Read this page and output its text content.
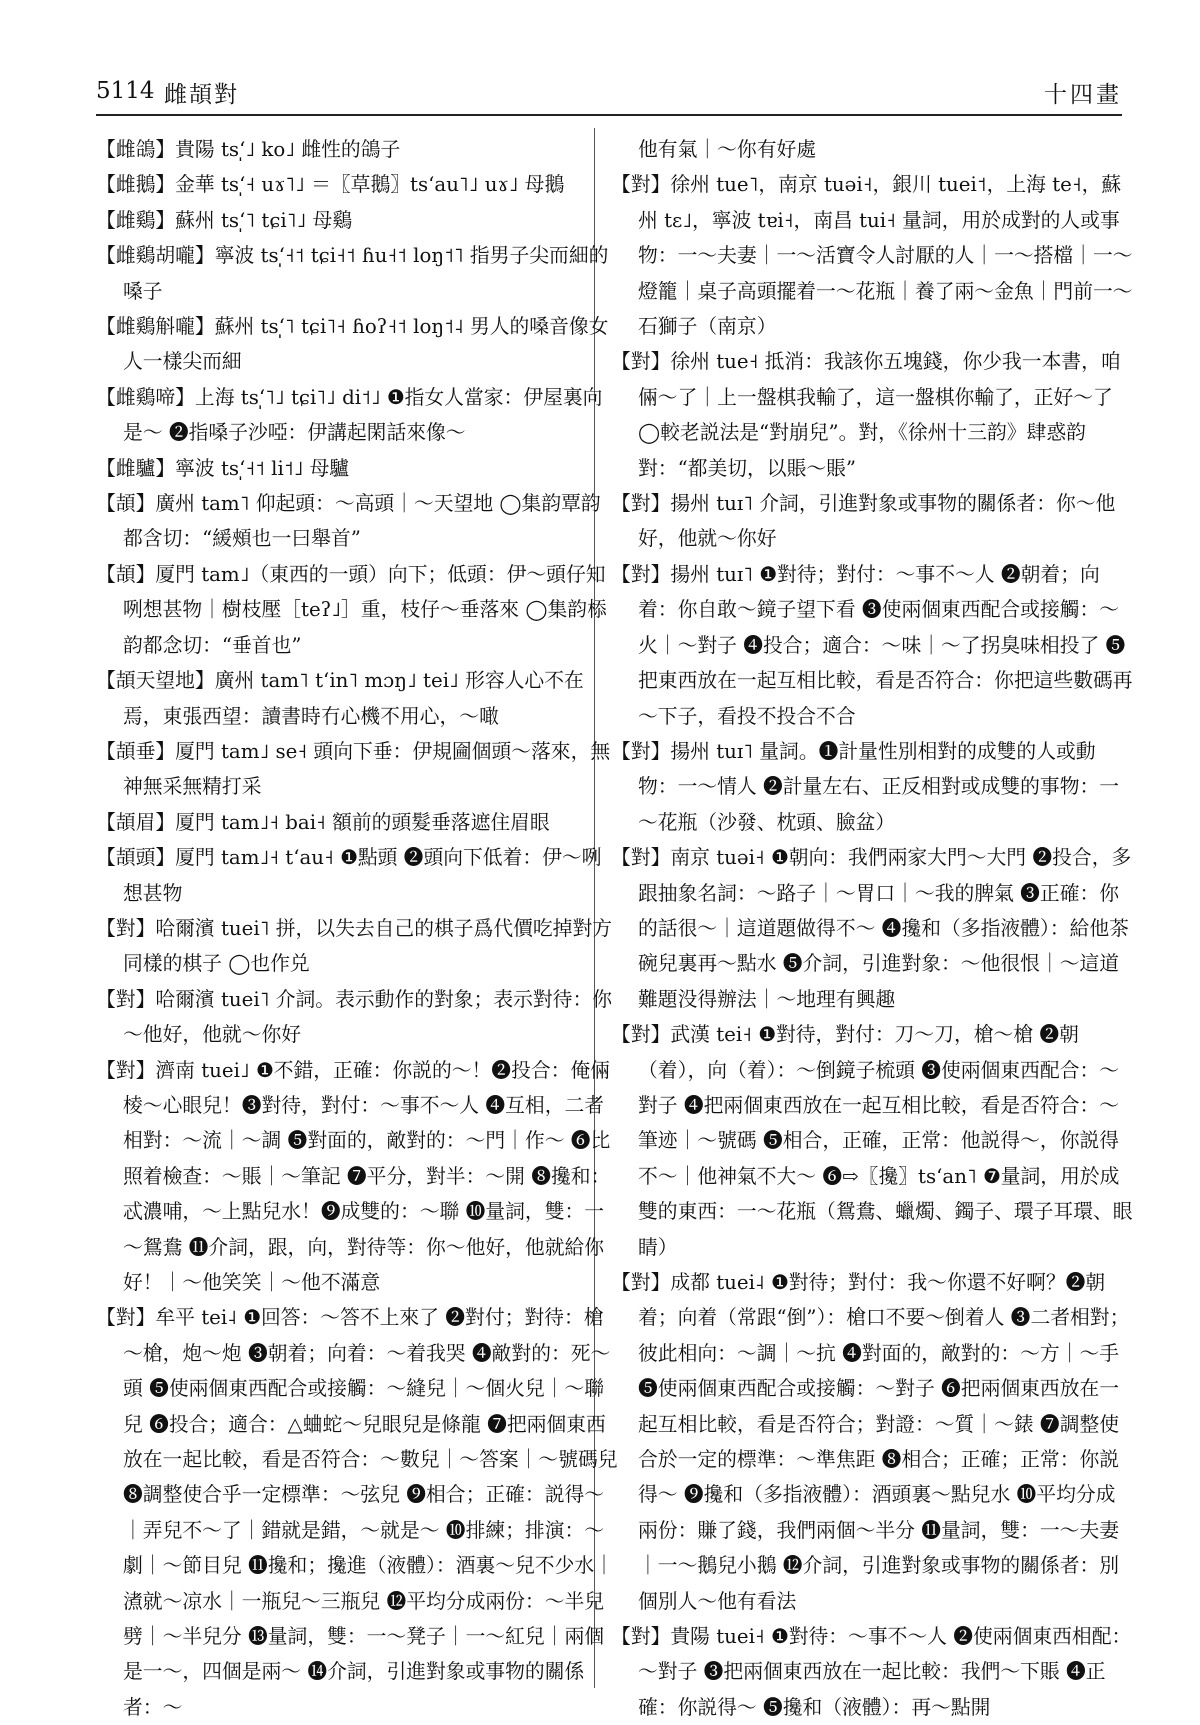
5114 雌頡對	十四畫

【雌鴿】貴陽 tsʻ̩˩ ko˩ 雌性的鴿子

【雌鵝】金華 tsʻ̩˧ uɤ˥˩ ＝〖草鵝〗tsʻau˥˩ uɤ˩ 母鵝

【雌鷄】蘇州 tsʻ̩˥ tɕi˥˩ 母鷄

【雌鷄胡嚨】寧波 tsʻ̩˧˦ tɕi˧˦ ɦu˧˦ loŋ˦˥ 指男子尖而細的嗓子

【雌鷄斛嚨】蘇州 tsʻ̩˥ tɕi˥˧ ɦoʔ˧˦ loŋ˦˨ 男人的嗓音像女人一樣尖而細

【雌鷄啼】上海 tsʻ̩˥˩ tɕi˥˩ di˦˩ ❶指女人當家：伊屋裏向是～ ❷指嗓子沙啞：伊講起閑話來像～

【雌驢】寧波 tsʻ̩˧˦ li˦˩ 母驢

【頡】廣州 tam˥ 仰起頭：～高頭｜～天望地 ◯集韵覃韵都含切：“緩頰也一曰舉首”

【頡】厦門 tam˩（東西的一頭）向下；低頭：伊～頭仔知咧想甚物｜樹枝壓［teʔ˩］重，枝仔～垂落來 ◯集韵㮇韵都念切：“垂首也”

【頡天望地】廣州 tam˥ tʻin˥ mɔŋ˩ tei˩ 形容人心不在焉，東張西望：讀書時冇心機不用心，～噉

【頡垂】厦門 tam˩ se˧ 頭向下垂：伊規圇個頭～落來，無神無采無精打采

【頡眉】厦門 tam˩˧ bai˧ 額前的頭髮垂落遮住眉眼

【頡頭】厦門 tam˩˧ tʻau˧ ❶點頭 ❷頭向下低着：伊～咧想甚物

【對】哈爾濱 tuei˥ 拼，以失去自己的棋子爲代價吃掉對方同樣的棋子 ◯也作兑

【對】哈爾濱 tuei˥ 介詞。表示動作的對象；表示對待：你～他好，他就～你好

【對】濟南 tuei˩ ❶不錯，正確：你説的～！❷投合：俺倆棱～心眼兒！❸對待，對付：～事不～人 ❹互相，二者相對：～流｜～調 ❺對面的，敵對的：～門｜作～ ❻比照着檢查：～賬｜～筆記 ❼平分，對半：～開 ❽攙和：忒濃哺，～上點兒水！❾成雙的：～聯 ❿量詞，雙：一～鴛鴦 ⓫介詞，跟，向，對待等：你～他好，他就給你好！｜～他笑笑｜～他不滿意

【對】牟平 tei˨ ❶回答：～答不上來了 ❷對付；對待：槍～槍，炮～炮 ❸朝着；向着：～着我哭 ❹敵對的：死～頭 ❺使兩個東西配合或接觸：～縫兒｜～個火兒｜～聯兒 ❻投合；適合：△蛐蛇～兒眼兒是條龍 ❼把兩個東西放在一起比較，看是否符合：～數兒｜～答案｜～號碼兒 ❽調整使合乎一定標準：～弦兒 ❾相合；正確：説得～｜弄兒不～了｜錯就是錯，～就是～ ❿排練；排演：～劇｜～節目兒 ⓫攙和；攙進（液體）：酒裏～兒不少水｜㵭就～凉水｜一瓶兒～三瓶兒 ⓬平均分成兩份：～半兒劈｜～半兒分 ⓭量詞，雙：一～凳子｜一～紅兒｜兩個是一～，四個是兩～ ⓮介詞，引進對象或事物的關係者：～

他有氣｜～你有好處

【對】徐州 tue˥，南京 tuəi˧，銀川 tuei˦，上海 te˧，蘇州 tɛ˩，寧波 tɐi˧，南昌 tui˧ 量詞，用於成對的人或事物：一～夫妻｜一～活寶令人討厭的人｜一～搭檔｜一～燈籠｜桌子高頭擺着一～花瓶｜養了兩～金魚｜門前一～石獅子（南京）

【對】徐州 tue˧ 抵消：我該你五塊錢，你少我一本書，咱倆～了｜上一盤棋我輸了，這一盤棋你輸了，正好～了 ◯較老説法是“對崩兒”。對，《徐州十三韵》肆惑韵對：“都美切，以賬～賬”

【對】揚州 tuɪ˥ 介詞，引進對象或事物的關係者：你～他好，他就～你好

【對】揚州 tuɪ˥ ❶對待；對付：～事不～人 ❷朝着；向着：你自敢～鏡子望下看 ❸使兩個東西配合或接觸：～火｜～對子 ❹投合；適合：～味｜～了拐臭味相投了 ❺把東西放在一起互相比較，看是否符合：你把這些數碼再～下子，看投不投合不合

【對】揚州 tuɪ˥ 量詞。❶計量性別相對的成雙的人或動物：一～情人 ❷計量左右、正反相對或成雙的事物：一～花瓶（沙發、枕頭、臉盆）

【對】南京 tuəi˧ ❶朝向：我們兩家大門～大門 ❷投合，多跟抽象名詞：～路子｜～胃口｜～我的脾氣 ❸正確：你的話很～｜這道題做得不～ ❹攙和（多指液體）：給他茶碗兒裏再～點水 ❺介詞，引進對象：～他很恨｜～這道難題没得辦法｜～地理有興趣

【對】武漢 tei˧ ❶對待，對付：刀～刀，槍～槍 ❷朝（着），向（着）：～倒鏡子梳頭 ❸使兩個東西配合：～對子 ❹把兩個東西放在一起互相比較，看是否符合：～筆迹｜～號碼 ❺相合，正確，正常：他説得～，你説得不～｜他神氣不大～ ❻⇨〖攙〗tsʻan˥ ❼量詞，用於成雙的東西：一～花瓶（鴛鴦、蠟燭、鐲子、環子耳環、眼睛）

【對】成都 tuei˨ ❶對待；對付：我～你還不好啊？❷朝着；向着（常跟“倒”）：槍口不要～倒着人 ❸二者相對；彼此相向：～調｜～抗 ❹對面的，敵對的：～方｜～手 ❺使兩個東西配合或接觸：～對子 ❻把兩個東西放在一起互相比較，看是否符合；對證：～質｜～錶 ❼調整使合於一定的標準：～準焦距 ❽相合；正確；正常：你説得～ ❾攙和（多指液體）：酒頭裏～點兒水 ❿平均分成兩份：賺了錢，我們兩個～半分 ⓫量詞，雙：一～夫妻｜一～鵝兒小鵝 ⓬介詞，引進對象或事物的關係者：別個別人～他有看法

【對】貴陽 tuei˧ ❶對待：～事不～人 ❷使兩個東西相配：～對子 ❸把兩個東西放在一起比較：我們～下賬 ❹正確：你説得～ ❺攙和（液體）：再～點開
